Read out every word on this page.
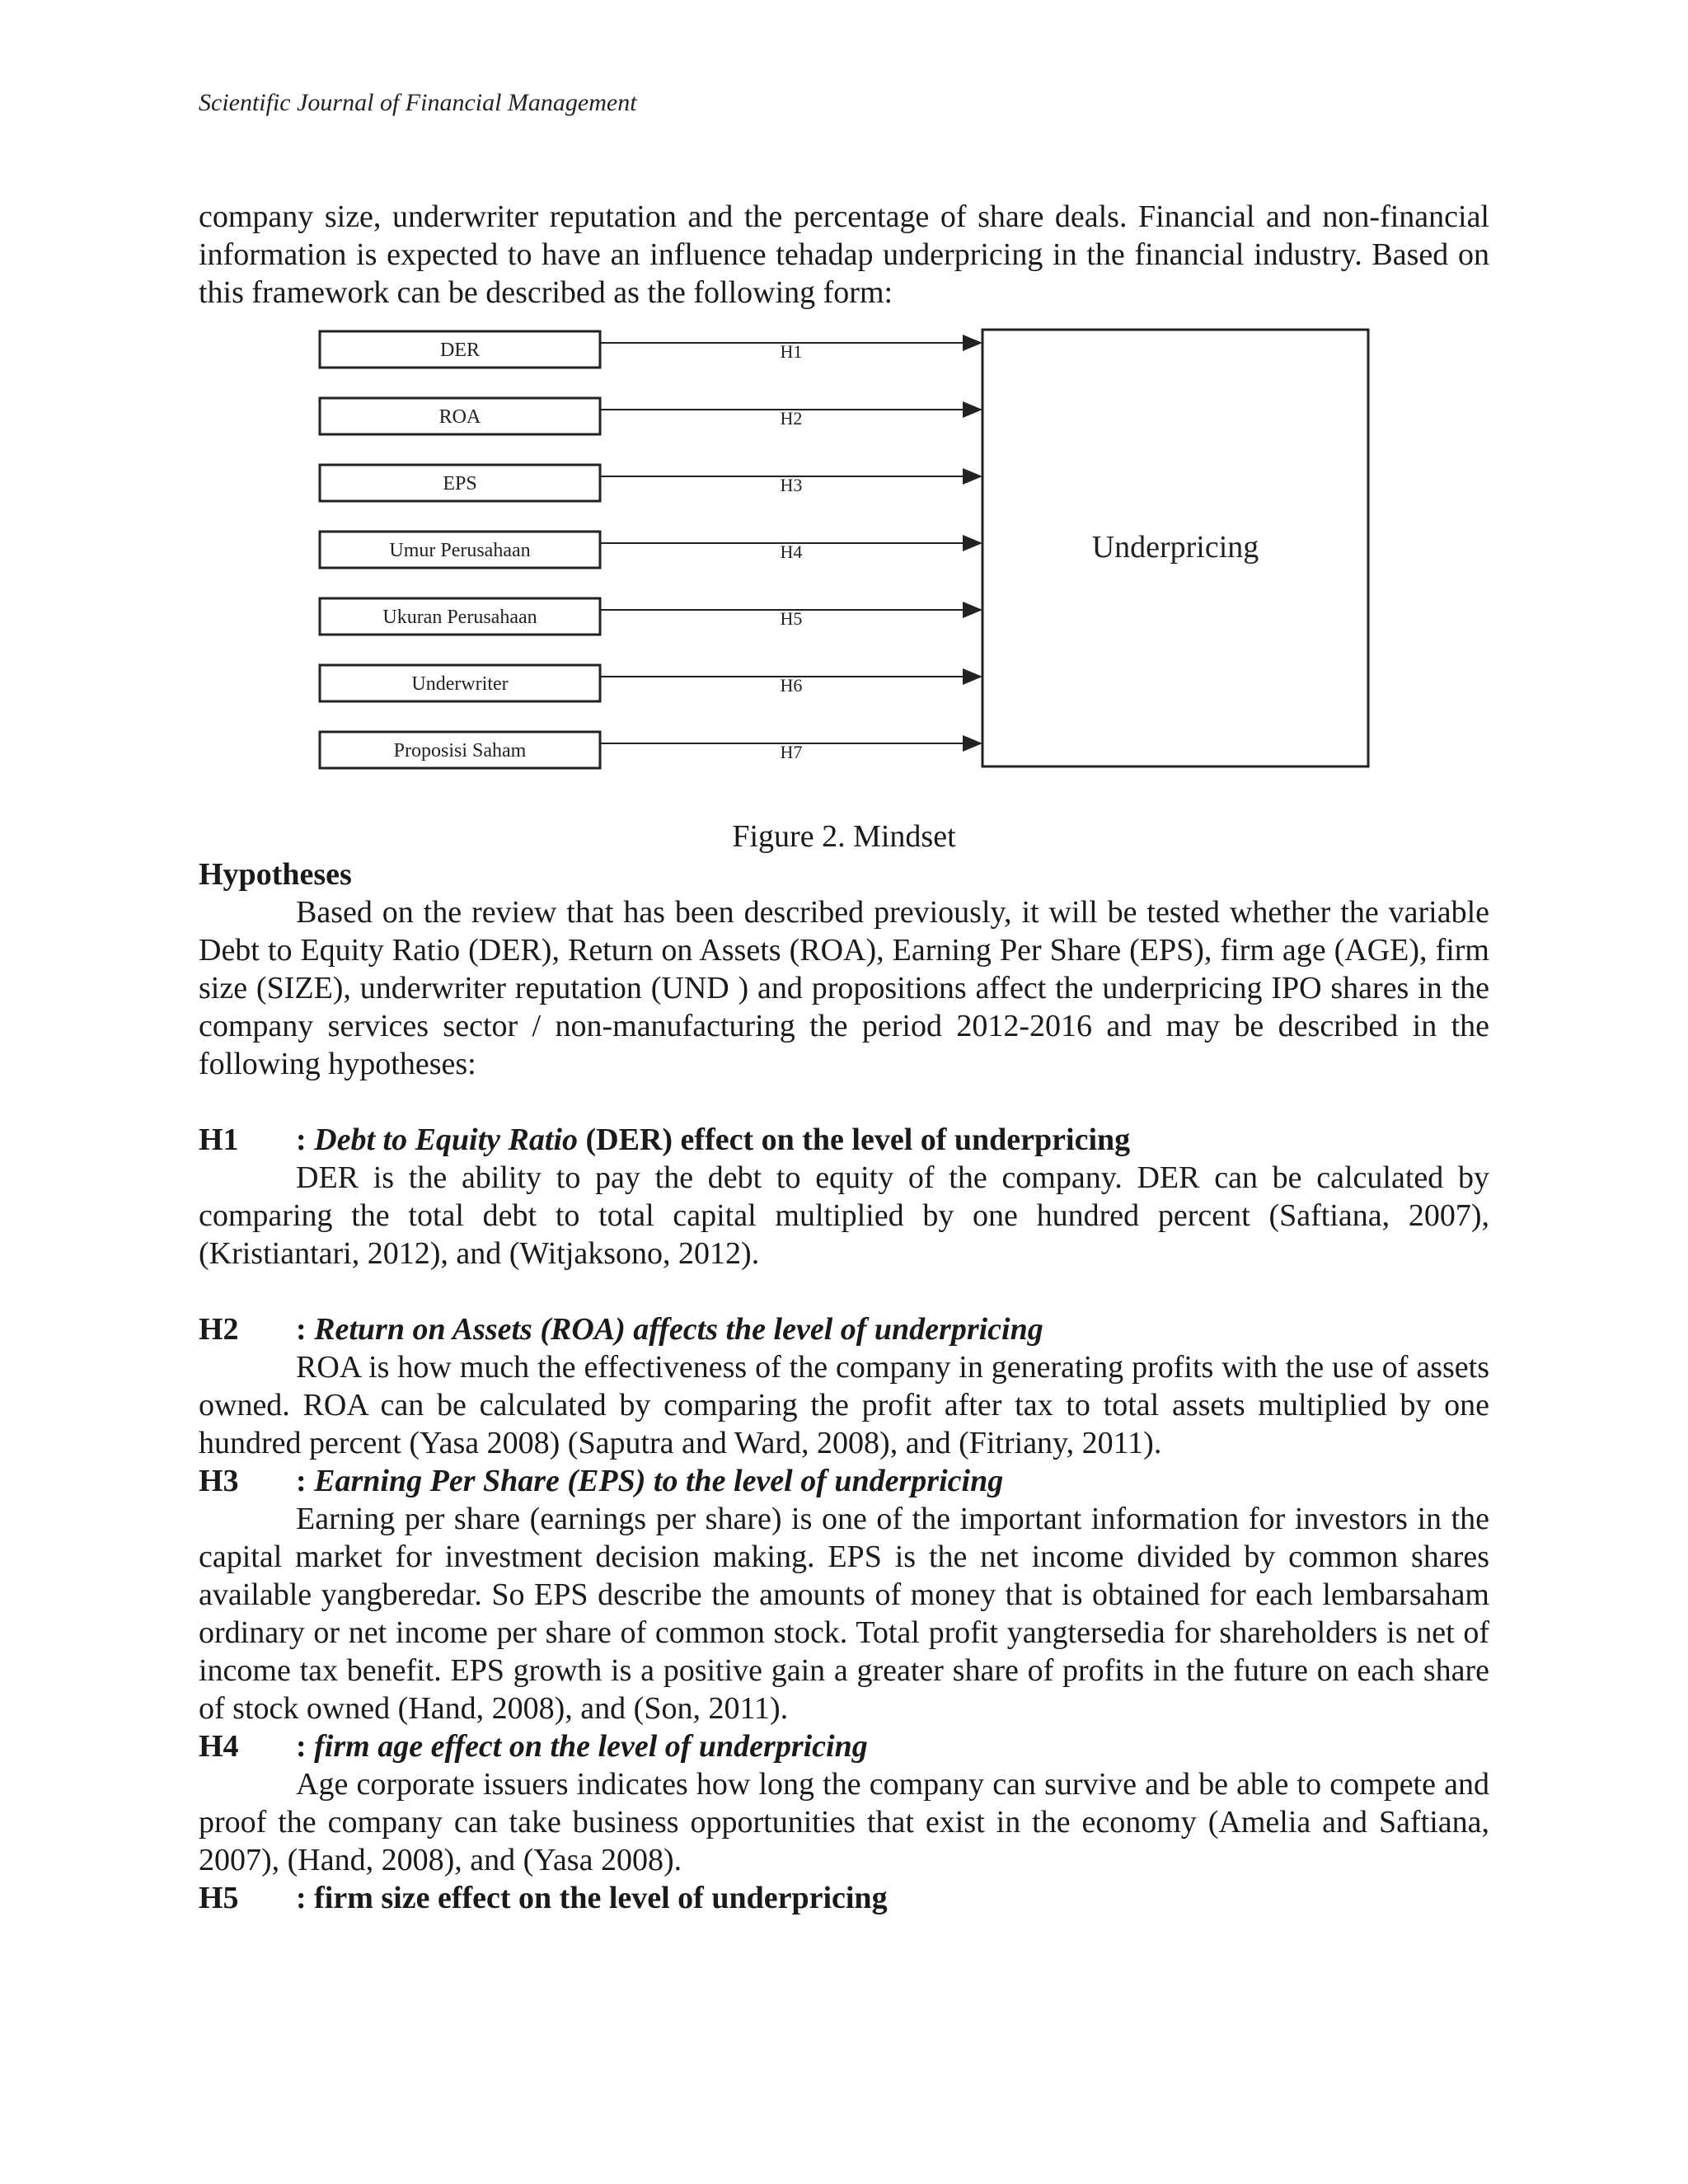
Scientific Journal of Financial Management

company size, underwriter reputation and the percentage of share deals. Financial and non-financial information is expected to have an influence tehadap underpricing in the financial industry. Based on this framework can be described as the following form:

DER	H1
ROA	H2
EPS	H3
Umur Perusahaan	H4
Ukuran Perusahaan	H5
Underwriter	H6
Proposisi Saham	H7
Underpricing
Figure 2. Mindset
Hypotheses

Based on the review that has been described previously, it will be tested whether the variable Debt to Equity Ratio (DER), Return on Assets (ROA), Earning Per Share (EPS), firm age (AGE), firm size (SIZE), underwriter reputation (UND ) and propositions affect the underpricing IPO shares in the company services sector / non-manufacturing the period 2012-2016 and may be described in the following hypotheses:

H1	: Debt to Equity Ratio (DER) effect on the level of underpricing

DER is the ability to pay the debt to equity of the company. DER can be calculated by comparing the total debt to total capital multiplied by one hundred percent (Saftiana, 2007), (Kristiantari, 2012), and (Witjaksono, 2012).

H2	: Return on Assets (ROA) affects the level of underpricing

ROA is how much the effectiveness of the company in generating profits with the use of assets owned. ROA can be calculated by comparing the profit after tax to total assets multiplied by one hundred percent (Yasa 2008) (Saputra and Ward, 2008), and (Fitriany, 2011).

H3	: Earning Per Share (EPS) to the level of underpricing

Earning per share (earnings per share) is one of the important information for investors in the capital market for investment decision making. EPS is the net income divided by common shares available yangberedar. So EPS describe the amounts of money that is obtained for each lembarsaham ordinary or net income per share of common stock. Total profit yangtersedia for shareholders is net of income tax benefit. EPS growth is a positive gain a greater share of profits in the future on each share of stock owned (Hand, 2008), and (Son, 2011).

H4	: firm age effect on the level of underpricing

Age corporate issuers indicates how long the company can survive and be able to compete and proof the company can take business opportunities that exist in the economy (Amelia and Saftiana, 2007), (Hand, 2008), and (Yasa 2008).

H5	: firm size effect on the level of underpricing
